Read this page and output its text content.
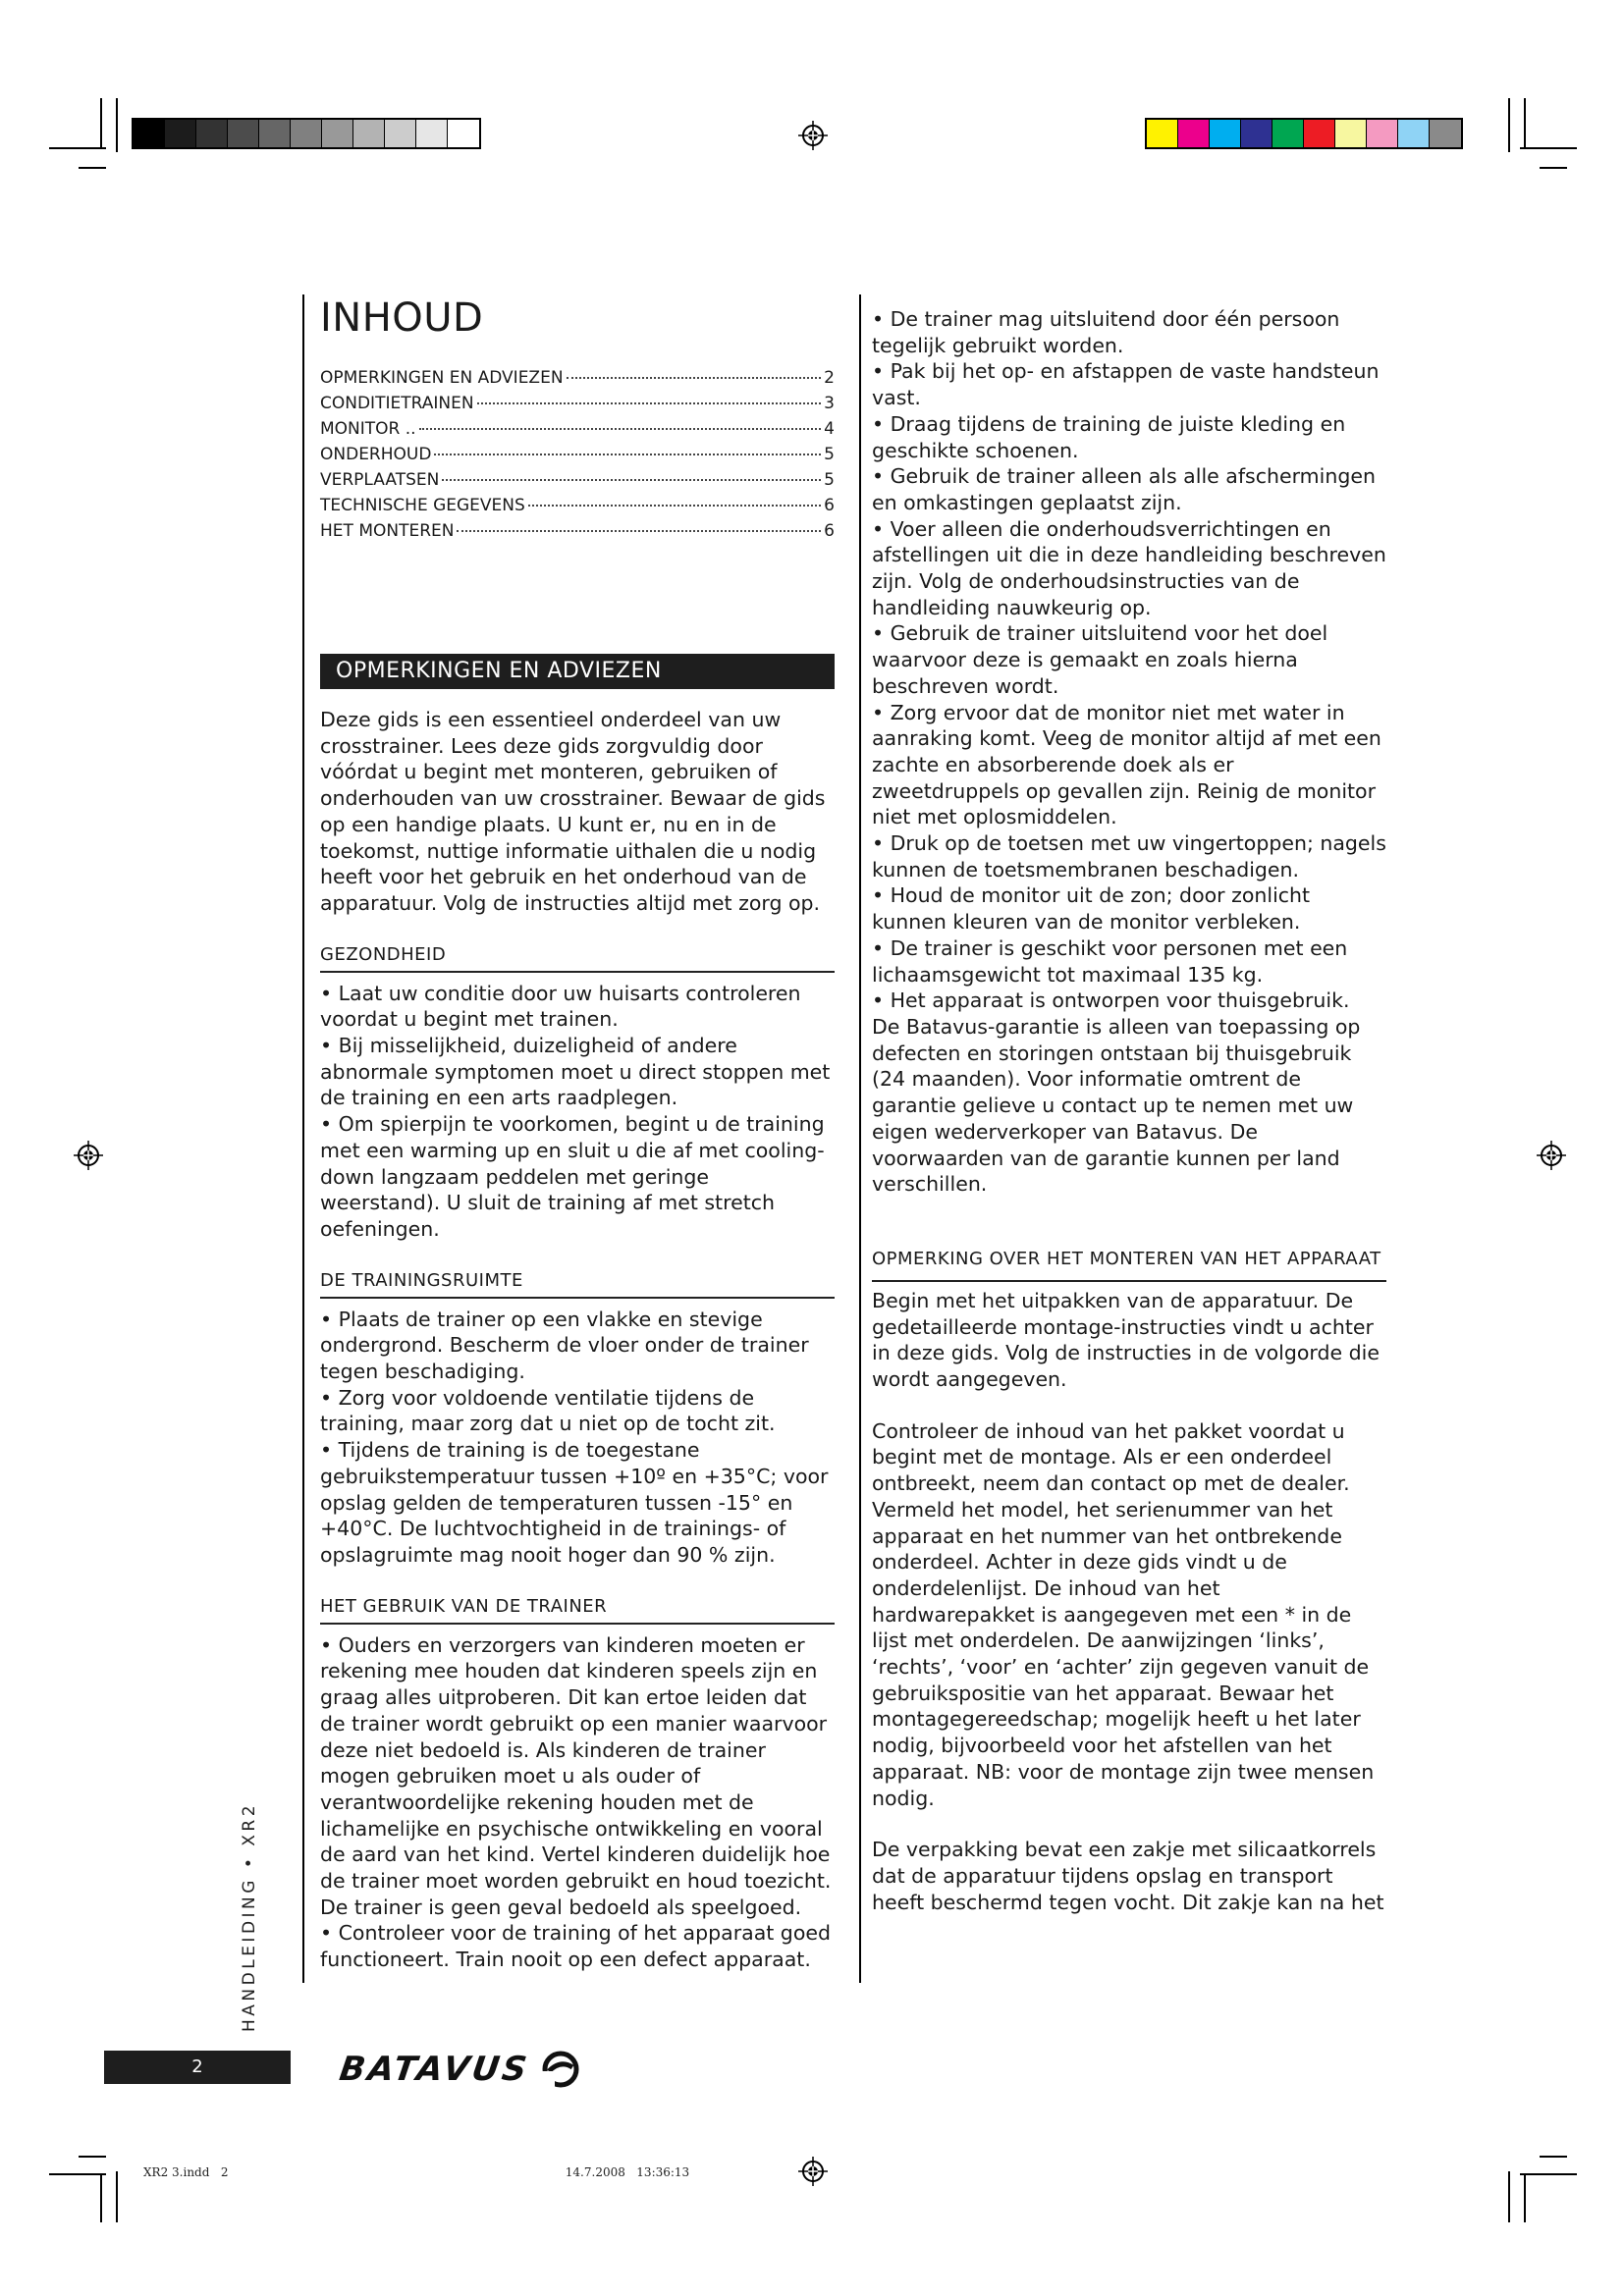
INHOUD
OPMERKINGEN EN ADVIEZEN	2
CONDITIETRAINEN	3
MONITOR ..	4
ONDERHOUD	5
VERPLAATSEN	5
TECHNISCHE GEGEVENS	6
HET MONTEREN	6
OPMERKINGEN EN ADVIEZEN

Deze gids is een essentieel onderdeel van uw crosstrainer. Lees deze gids zorgvuldig door vóórdat u begint met monteren, gebruiken of onderhouden van uw crosstrainer. Bewaar de gids op een handige plaats. U kunt er, nu en in de toekomst, nuttige informatie uithalen die u nodig heeft voor het gebruik en het onderhoud van de apparatuur. Volg de instructies altijd met zorg op.

GEZONDHEID

• Laat uw conditie door uw huisarts controleren voordat u begint met trainen.

• Bij misselijkheid, duizeligheid of andere abnormale symptomen moet u direct stoppen met de training en een arts raadplegen.

• Om spierpijn te voorkomen, begint u de training met een warming up en sluit u die af met cooling-down langzaam peddelen met geringe weerstand). U sluit de training af met stretch oefeningen.

DE TRAININGSRUIMTE

• Plaats de trainer op een vlakke en stevige ondergrond. Bescherm de vloer onder de trainer tegen beschadiging.

• Zorg voor voldoende ventilatie tijdens de training, maar zorg dat u niet op de tocht zit.

• Tijdens de training is de toegestane gebruikstemperatuur tussen +10º en +35°C; voor opslag gelden de temperaturen tussen -15° en +40°C. De luchtvochtigheid in de trainings- of opslagruimte mag nooit hoger dan 90 % zijn.

HET GEBRUIK VAN DE TRAINER

• Ouders en verzorgers van kinderen moeten er rekening mee houden dat kinderen speels zijn en graag alles uitproberen. Dit kan ertoe leiden dat de trainer wordt gebruikt op een manier waarvoor deze niet bedoeld is. Als kinderen de trainer mogen gebruiken moet u als ouder of verantwoordelijke rekening houden met de lichamelijke en psychische ontwikkeling en vooral de aard van het kind. Vertel kinderen duidelijk hoe de trainer moet worden gebruikt en houd toezicht. De trainer is geen geval bedoeld als speelgoed.

• Controleer voor de training of het apparaat goed functioneert. Train nooit op een defect apparaat.

• De trainer mag uitsluitend door één persoon tegelijk gebruikt worden.

• Pak bij het op- en afstappen de vaste handsteun vast.

• Draag tijdens de training de juiste kleding en geschikte schoenen.

• Gebruik de trainer alleen als alle afschermingen en omkastingen geplaatst zijn.

• Voer alleen die onderhoudsverrichtingen en afstellingen uit die in deze handleiding beschreven zijn. Volg de onderhoudsinstructies van de handleiding nauwkeurig op.

• Gebruik de trainer uitsluitend voor het doel waarvoor deze is gemaakt en zoals hierna beschreven wordt.

• Zorg ervoor dat de monitor niet met water in aanraking komt. Veeg de monitor altijd af met een zachte en absorberende doek als er zweetdruppels op gevallen zijn. Reinig de monitor niet met oplosmiddelen.

• Druk op de toetsen met uw vingertoppen; nagels kunnen de toetsmembranen beschadigen.

• Houd de monitor uit de zon; door zonlicht kunnen kleuren van de monitor verbleken.

• De trainer is geschikt voor personen met een lichaamsgewicht tot maximaal 135 kg.

• Het apparaat is ontworpen voor thuisgebruik.

De Batavus-garantie is alleen van toepassing op defecten en storingen ontstaan bij thuisgebruik (24 maanden). Voor informatie omtrent de garantie gelieve u contact up te nemen met uw eigen wederverkoper van Batavus. De voorwaarden van de garantie kunnen per land verschillen.

OPMERKING OVER HET MONTEREN VAN HET APPARAAT

Begin met het uitpakken van de apparatuur. De gedetailleerde montage-instructies vindt u achter in deze gids. Volg de instructies in de volgorde die wordt aangegeven.

Controleer de inhoud van het pakket voordat u begint met de montage. Als er een onderdeel ontbreekt, neem dan contact op met de dealer. Vermeld het model, het serienummer van het apparaat en het nummer van het ontbrekende onderdeel. Achter in deze gids vindt u de onderdelenlijst. De inhoud van het hardwarepakket is aangegeven met een * in de lijst met onderdelen. De aanwijzingen ‘links’, ‘rechts’, ‘voor’ en ‘achter’ zijn gegeven vanuit de gebruikspositie van het apparaat. Bewaar het montagegereedschap; mogelijk heeft u het later nodig, bijvoorbeeld voor het afstellen van het apparaat. NB: voor de montage zijn twee mensen nodig.

De verpakking bevat een zakje met silicaatkorrels dat de apparatuur tijdens opslag en transport heeft beschermd tegen vocht. Dit zakje kan na het

HANDLEIDING • XR2
2	BATAVUS
XR2 3.indd   2                                                                                          14.7.2008   13:36:13
